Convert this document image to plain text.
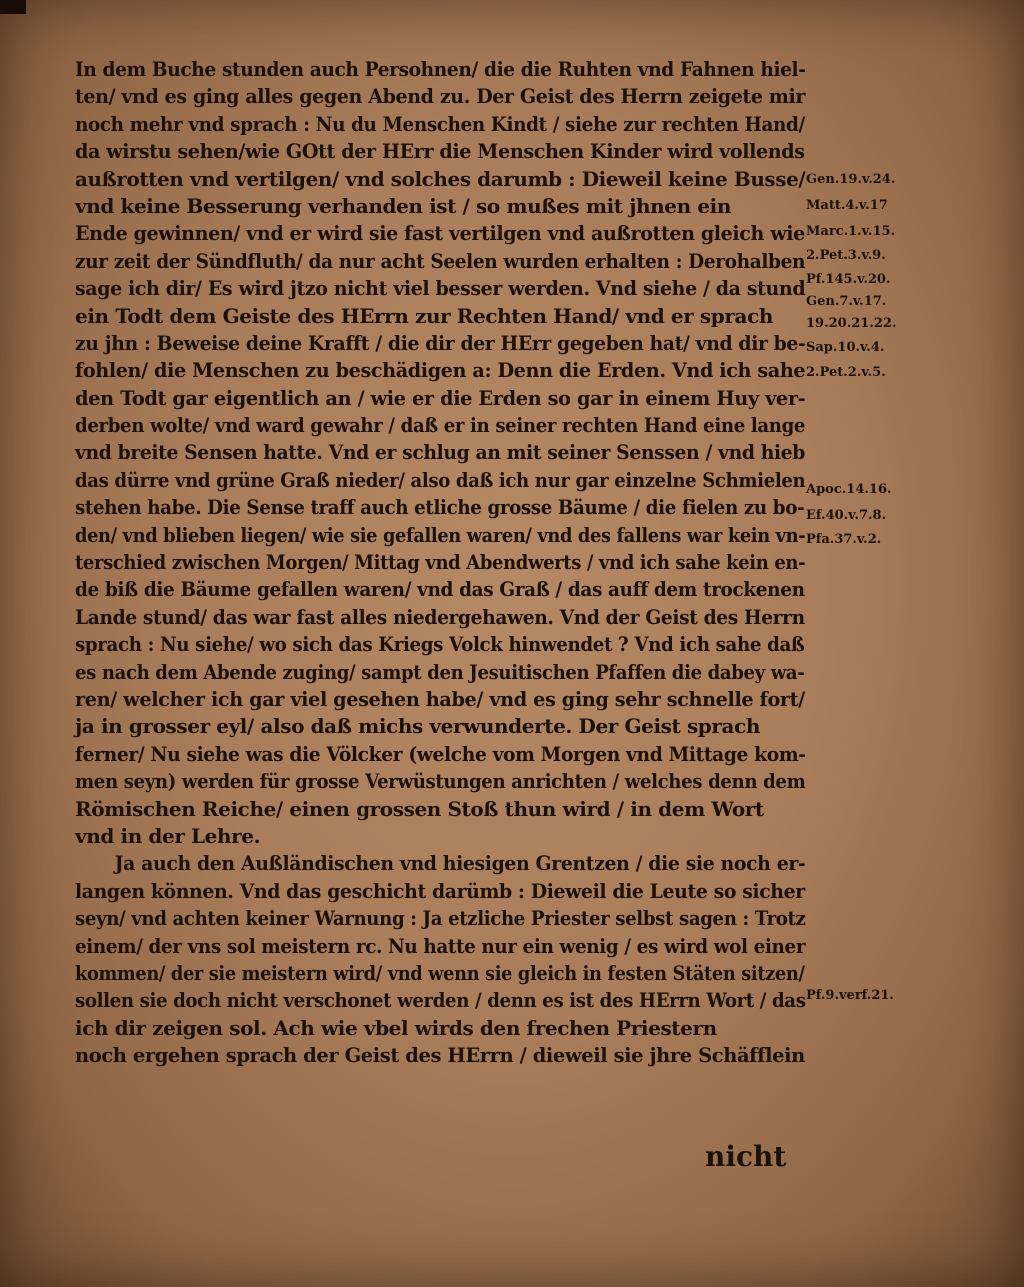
In dem Buche stunden auch Persohnen/ die die Ruhten vnd Fahnen hiel-
ten/ vnd es ging alles gegen Abend zu. Der Geist des Herrn zeigete mir
noch mehr vnd sprach : Nu du Menschen Kindt / siehe zur rechten Hand/
da wirstu sehen/wie GOtt der HErr die Menschen Kinder wird vollends
außrotten vnd vertilgen/ vnd solches darumb : Dieweil keine Busse/
vnd keine Besserung verhanden ist / so mußes mit jhnen ein
Ende gewinnen/ vnd er wird sie fast vertilgen vnd außrotten gleich wie
zur zeit der Sündfluth/ da nur acht Seelen wurden erhalten : Derohalben
sage ich dir/ Es wird jtzo nicht viel besser werden. Vnd siehe / da stund
ein Todt dem Geiste des HErrn zur Rechten Hand/ vnd er sprach
zu jhn : Beweise deine Krafft / die dir der HErr gegeben hat/ vnd dir be-
fohlen/ die Menschen zu beschädigen a: Denn die Erden. Vnd ich sahe
den Todt gar eigentlich an / wie er die Erden so gar in einem Huy ver-
derben wolte/ vnd ward gewahr / daß er in seiner rechten Hand eine lange
vnd breite Sensen hatte. Vnd er schlug an mit seiner Senssen / vnd hieb
das dürre vnd grüne Graß nieder/ also daß ich nur gar einzelne Schmielen
stehen habe. Die Sense traff auch etliche grosse Bäume / die fielen zu bo-
den/ vnd blieben liegen/ wie sie gefallen waren/ vnd des fallens war kein vn-
terschied zwischen Morgen/ Mittag vnd Abendwerts / vnd ich sahe kein en-
de biß die Bäume gefallen waren/ vnd das Graß / das auff dem trockenen
Lande stund/ das war fast alles niedergehawen. Vnd der Geist des Herrn
sprach : Nu siehe/ wo sich das Kriegs Volck hinwendet ? Vnd ich sahe daß
es nach dem Abende zuging/ sampt den Jesuitischen Pfaffen die dabey wa-
ren/ welcher ich gar viel gesehen habe/ vnd es ging sehr schnelle fort/
ja in grosser eyl/ also daß michs verwunderte. Der Geist sprach
ferner/ Nu siehe was die Völcker (welche vom Morgen vnd Mittage kom-
men seyn) werden für grosse Verwüstungen anrichten / welches denn dem
Römischen Reiche/ einen grossen Stoß thun wird / in dem Wort
vnd in der Lehre.
Ja auch den Außländischen vnd hiesigen Grentzen / die sie noch er-
langen können. Vnd das geschicht darümb : Dieweil die Leute so sicher
seyn/ vnd achten keiner Warnung : Ja etzliche Priester selbst sagen : Trotz
einem/ der vns sol meistern rc. Nu hatte nur ein wenig / es wird wol einer
kommen/ der sie meistern wird/ vnd wenn sie gleich in festen Stäten sitzen/
sollen sie doch nicht verschonet werden / denn es ist des HErrn Wort / das
ich dir zeigen sol. Ach wie vbel wirds den frechen Priestern
noch ergehen sprach der Geist des HErrn / dieweil sie jhre Schäfflein
Gen.19.v.24.
Matt.4.v.17
Marc.1.v.15.
2.Pet.3.v.9.
Pf.145.v.20.
Gen.7.v.17.
19.20.21.22.
Sap.10.v.4.
2.Pet.2.v.5.
Apoc.14.16.
Ef.40.v.7.8.
Pfa.37.v.2.
Pf.9.verf.21.
nicht
